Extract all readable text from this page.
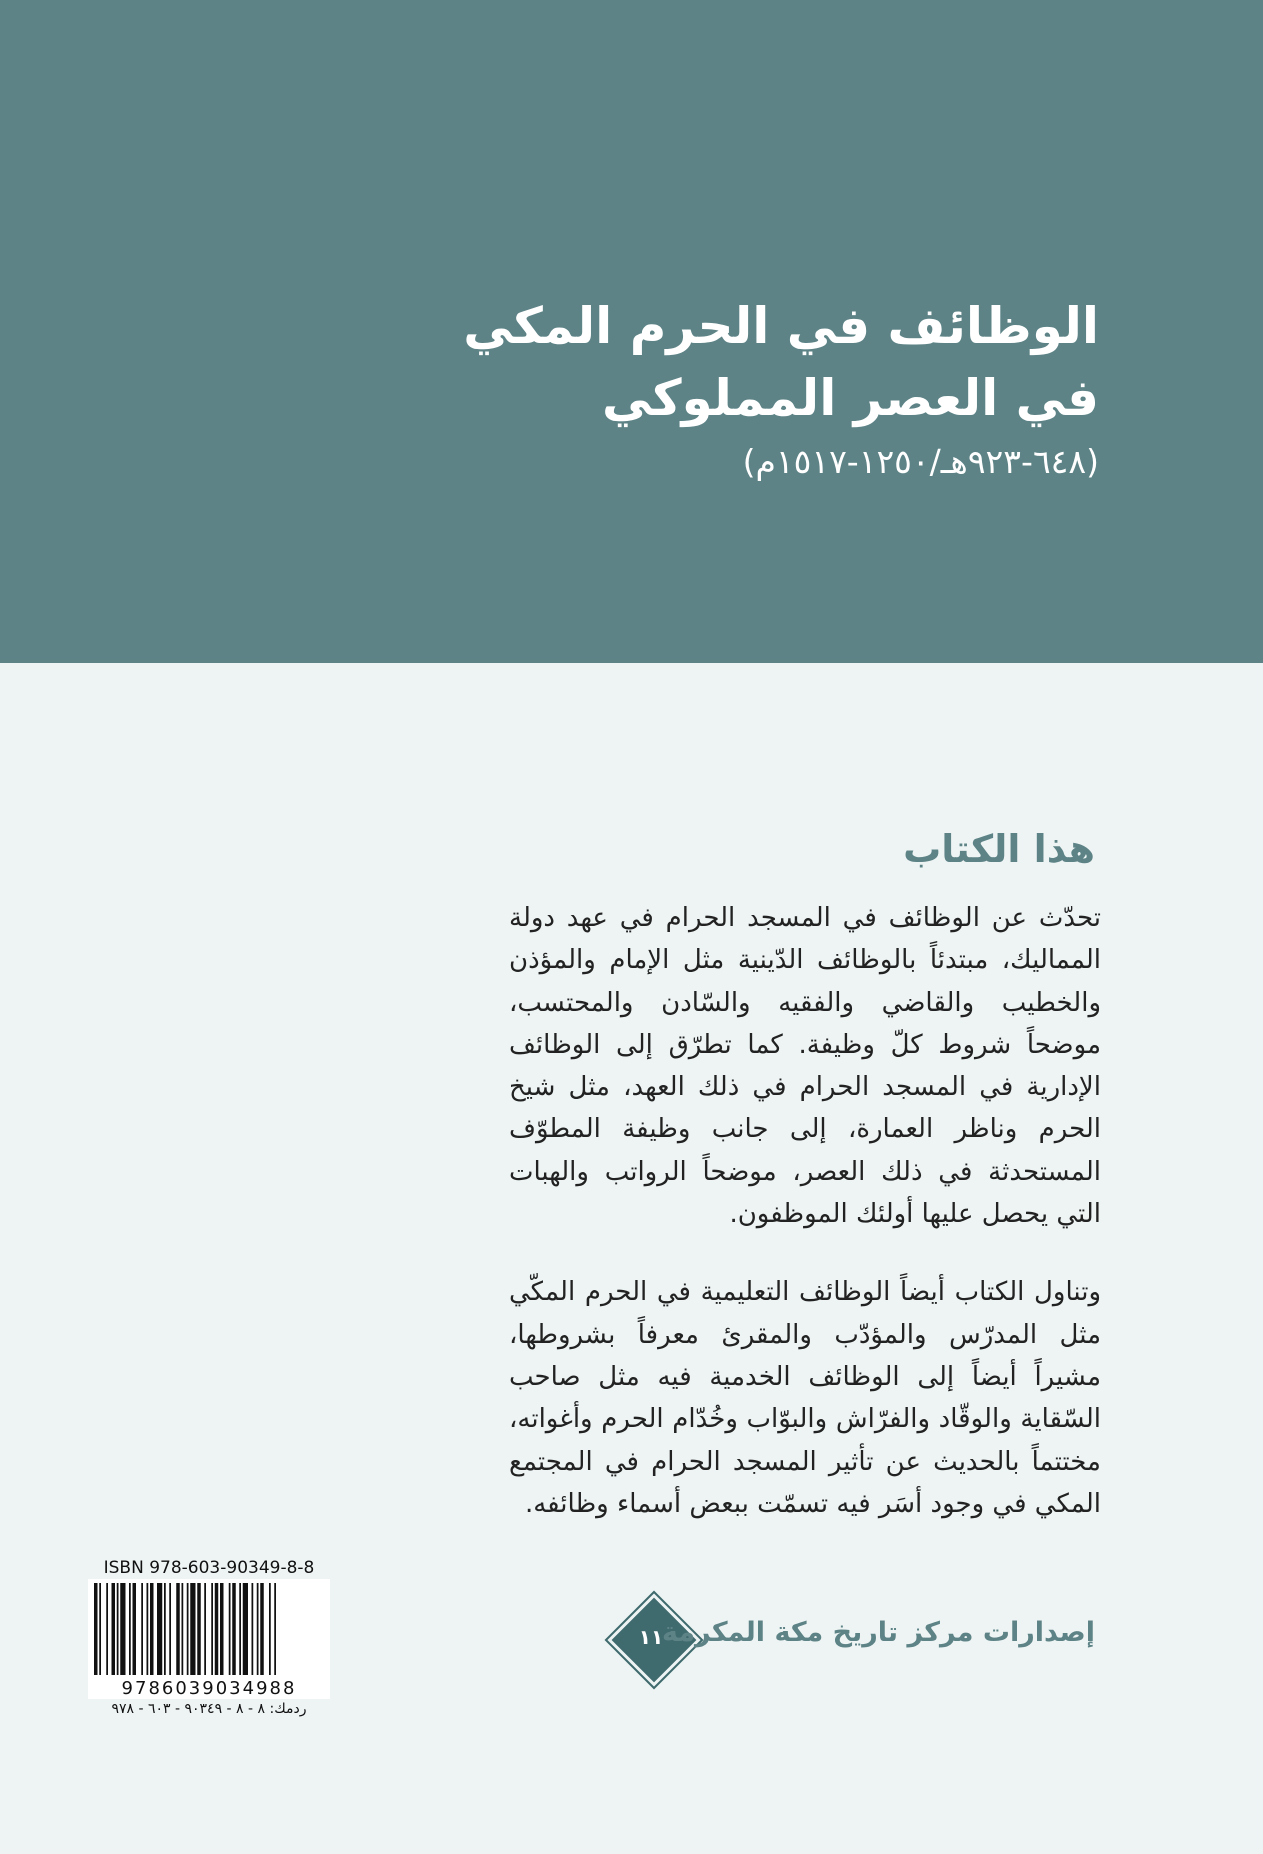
الوظائف في الحرم المكي
في العصر المملوكي
(٦٤٨-٩٢٣هـ/١٢٥٠-١٥١٧م)
هذا الكتاب

تحدّث عن الوظائف في المسجد الحرام في عهد دولة المماليك، مبتدئاً بالوظائف الدّينية مثل الإمام والمؤذن والخطيب والقاضي والفقيه والسّادن والمحتسب، موضحاً شروط كلّ وظيفة. كما تطرّق إلى الوظائف الإدارية في المسجد الحرام في ذلك العهد، مثل شيخ الحرم وناظر العمارة، إلى جانب وظيفة المطوّف المستحدثة في ذلك العصر، موضحاً الرواتب والهبات التي يحصل عليها أولئك الموظفون.

وتناول الكتاب أيضاً الوظائف التعليمية في الحرم المكّي مثل المدرّس والمؤدّب والمقرئ معرفاً بشروطها، مشيراً أيضاً إلى الوظائف الخدمية فيه مثل صاحب السّقاية والوقّاد والفرّاش والبوّاب وخُدّام الحرم وأغواته، مختتماً بالحديث عن تأثير المسجد الحرام في المجتمع المكي في وجود أسَر فيه تسمّت ببعض أسماء وظائفه.

ISBN 978-603-90349-8-8
9786039034988
ردمك: ٨ - ٨ - ٩٠٣٤٩ - ٦٠٣ - ٩٧٨
١١
إصدارات مركز تاريخ مكة المكرمة
